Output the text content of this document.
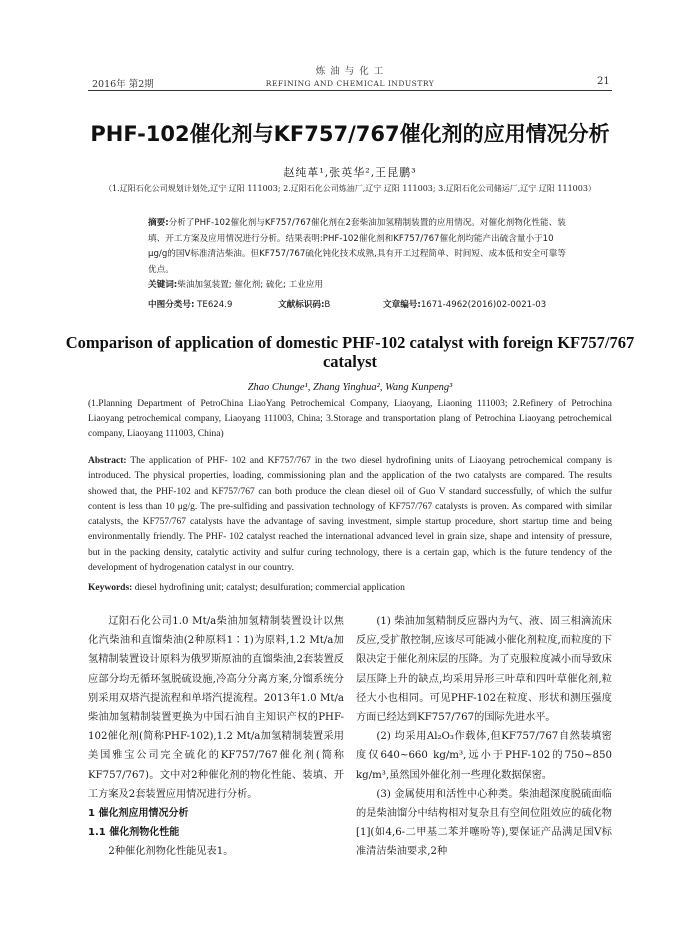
2016年 第2期
炼 油 与 化 工
REFINING AND CHEMICAL INDUSTRY	21
PHF-102催化剂与KF757/767催化剂的应用情况分析
赵纯革¹,张英华²,王昆鹏³
（1.辽阳石化公司规划计划处,辽宁 辽阳 111003; 2.辽阳石化公司炼油厂,辽宁 辽阳 111003; 3.辽阳石化公司储运厂,辽宁 辽阳 111003）
摘要:分析了PHF-102催化剂与KF757/767催化剂在2套柴油加氢精制装置的应用情况。对催化剂物化性能、装填、开工方案及应用情况进行分析。结果表明:PHF-102催化剂和KF757/767催化剂均能产出硫含量小于10 μg/g的国Ⅴ标准清洁柴油。但KF757/767硫化钝化技术成熟,具有开工过程简单、时间短、成本低和安全可靠等优点。
关键词:柴油加氢装置; 催化剂; 硫化; 工业应用
中图分类号: TE624.9	文献标识码:B	文章编号:1671-4962(2016)02-0021-03
Comparison of application of domestic PHF-102 catalyst with foreign KF757/767 catalyst
Zhao Chunge¹, Zhang Yinghua², Wang Kunpeng³
(1.Planning Department of PetroChina LiaoYang Petrochemical Company, Liaoyang, Liaoning 111003; 2.Refinery of Petrochina Liaoyang petrochemical company, Liaoyang 111003, China; 3.Storage and transportation plang of Petrochina Liaoyang petrochemical company, Liaoyang 111003, China)
Abstract: The application of PHF- 102 and KF757/767 in the two diesel hydrofining units of Liaoyang petrochemical company is introduced. The physical properties, loading, commissioning plan and the application of the two catalysts are compared. The results showed that, the PHF-102 and KF757/767 can both produce the clean diesel oil of Guo V standard successfully, of which the sulfur content is less than 10 μg/g. The pre-sulfiding and passivation technology of KF757/767 catalysts is proven. As compared with similar catalysts, the KF757/767 catalysts have the advantage of saving investment, simple startup procedure, short startup time and being environmentally friendly. The PHF- 102 catalyst reached the international advanced level in grain size, shape and intensity of pressure, but in the packing density, catalytic activity and sulfur curing technology, there is a certain gap, which is the future tendency of the development of hydrogenation catalyst in our country.
Keywords: diesel hydrofining unit; catalyst; desulfuration; commercial application

辽阳石化公司1.0 Mt/a柴油加氢精制装置设计以焦化汽柴油和直馏柴油(2种原料1∶1)为原料,1.2 Mt/a加氢精制装置设计原料为俄罗斯原油的直馏柴油,2套装置反应部分均无循环氢脱硫设施,冷高分分离方案,分馏系统分别采用双塔汽提流程和单塔汽提流程。2013年1.0 Mt/a柴油加氢精制装置更换为中国石油自主知识产权的PHF-102催化剂(简称PHF-102),1.2 Mt/a加氢精制装置采用美国雅宝公司完全硫化的KF757/767催化剂(简称KF757/767)。文中对2种催化剂的物化性能、装填、开工方案及2套装置应用情况进行分析。

1 催化剂应用情况分析

1.1 催化剂物化性能

2种催化剂物化性能见表1。

(1) 柴油加氢精制反应器内为气、液、固三相滴流床反应,受扩散控制,应该尽可能减小催化剂粒度,而粒度的下限决定于催化剂床层的压降。为了克服粒度减小而导致床层压降上升的缺点,均采用异形三叶草和四叶草催化剂,粒径大小也相同。可见PHF-102在粒度、形状和测压强度方面已经达到KF757/767的国际先进水平。

(2) 均采用Al₂O₃作载体,但KF757/767自然装填密度仅640~660 kg/m³,远小于PHF-102的750~850 kg/m³,虽然国外催化剂一些理化数据保密。

(3) 金属使用和活性中心种类。柴油超深度脱硫面临的是柴油馏分中结构相对复杂且有空间位阻效应的硫化物[1](如4,6-二甲基二苯并噻吩等),要保证产品满足国Ⅴ标准清洁柴油要求,2种
